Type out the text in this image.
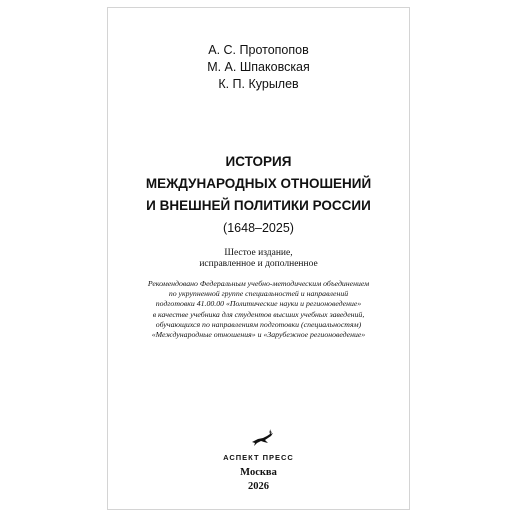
А. С. Протопопов
М. А. Шпаковская
К. П. Курылев
ИСТОРИЯ
МЕЖДУНАРОДНЫХ ОТНОШЕНИЙ
И ВНЕШНЕЙ ПОЛИТИКИ РОССИИ
(1648–2025)
Шестое издание,
исправленное и дополненное
Рекомендовано Федеральным учебно-методическим объединением
по укрупненной группе специальностей и направлений
подготовки 41.00.00 «Политические науки и регионоведение»
в качестве учебника для студентов высших учебных заведений,
обучающихся по направлениям подготовки (специальностям)
«Международные отношения» и «Зарубежное регионоведение»
АСПЕКТ ПРЕСС
Москва
2026
